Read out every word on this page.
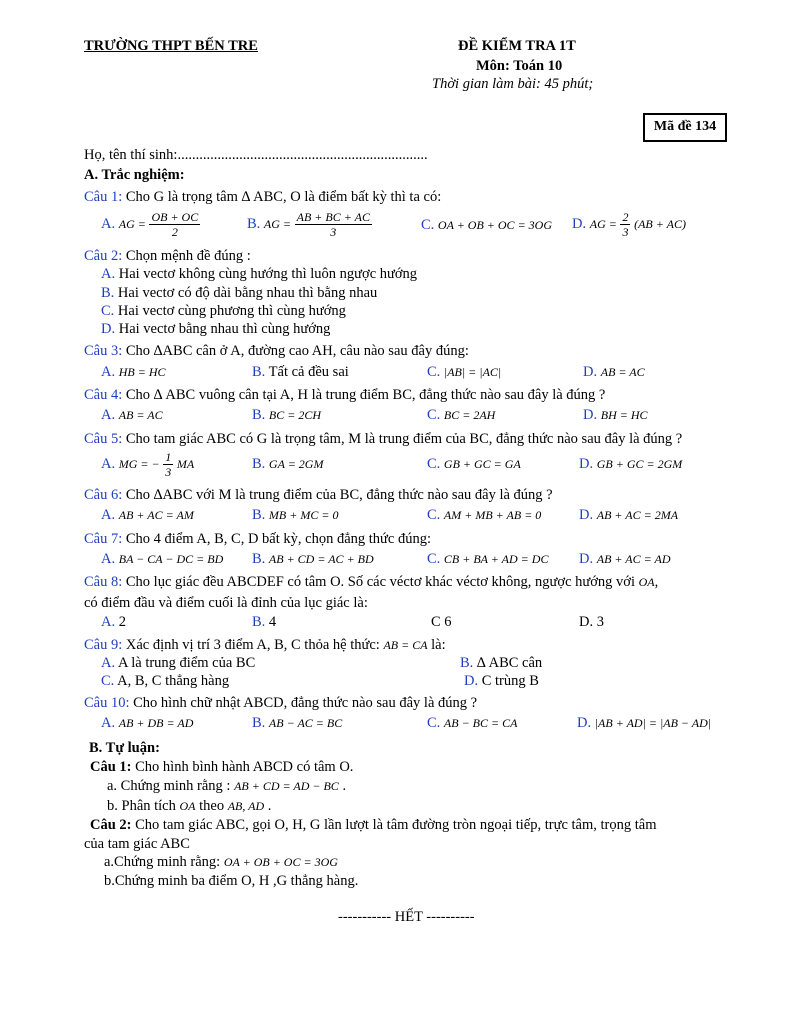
TRƯỜNG THPT BẾN TRE	ĐỀ KIỂM TRA 1T
Môn: Toán 10
Thời gian làm bài: 45 phút;
Mã đề 134
Họ, tên thí sinh:.....................................................................
A. Trắc nghiệm:
Câu 1: Cho G là trọng tâm ∆ ABC, O là điểm bất kỳ thì ta có:
A. AG = $\frac{OB + OC}{2}$	B. AG = $\frac{AB + BC + AC}{3}$	C. OA + OB + OC = 3OG D. AG = $\frac{2}{3} (AB + AC)$
Câu 2: Chọn mệnh đề đúng :
A. Hai vectơ không cùng hướng thì luôn ngược hướng
B. Hai vectơ có độ dài bằng nhau thì bằng nhau
C. Hai vectơ cùng phương thì cùng hướng
D. Hai vectơ bằng nhau thì cùng hướng
Câu 3: Cho ∆ABC cân ở A, đường cao AH, câu nào sau đây đúng:
A. HB = HC	B. Tất cả đều sai	C. |AB| = |AC|	D. AB = AC
Câu 4: Cho ∆ ABC vuông cân tại A, H là trung điểm BC, đẳng thức nào sau đây là đúng ?
A. AB = AC	B. BC = 2CH	C. BC = 2AH	D. BH = HC
Câu 5: Cho tam giác ABC có G là trọng tâm, M là trung điểm của BC, đẳng thức nào sau đây là đúng ?
A. MG = − $\frac{1}{3}$ MA	B. GA = 2GM	C. GB + GC = GA	D. GB + GC = 2GM
Câu 6: Cho ∆ABC với M là trung điểm của BC, đẳng thức nào sau đây là đúng ?
A. AB + AC = AM	B. MB + MC = 0	C. AM + MB + AB = 0	D. AB + AC = 2MA
Câu 7: Cho 4 điểm A, B, C, D bất kỳ, chọn đẳng thức đúng:
A. BA − CA − DC = BD B. AB + CD = AC + BD	C. CB + BA + AD = DC D. AB + AC = AD
Câu 8: Cho lục giác đều ABCDEF có tâm O. Số các véctơ khác véctơ không, ngược hướng với OA,
có điểm đầu và điểm cuối là đỉnh của lục giác là:
A. 2	B. 4	C 6	D. 3
Câu 9: Xác định vị trí 3 điểm A, B, C thỏa hệ thức: AB = CA là:
A. A là trung điểm của BC	B. ∆ ABC cân
C. A, B, C thẳng hàng	D. C trùng B
Câu 10: Cho hình chữ nhật ABCD, đẳng thức nào sau đây là đúng ?
A. AB + DB = AD	B. AB − AC = BC	C. AB − BC = CA	D. |AB + AD| = |AB − AD|
B. Tự luận:
Câu 1: Cho hình bình hành ABCD có tâm O.
a. Chứng minh rằng : AB + CD = AD − BC .
b. Phân tích OA theo AB, AD .
Câu 2: Cho tam giác ABC, gọi O, H, G lần lượt là tâm đường tròn ngoại tiếp, trực tâm, trọng tâm
của tam giác ABC
a.Chứng minh rằng: OA + OB + OC = 3OG
b.Chứng minh ba điểm O, H ,G thẳng hàng.
----------- HẾT ----------
